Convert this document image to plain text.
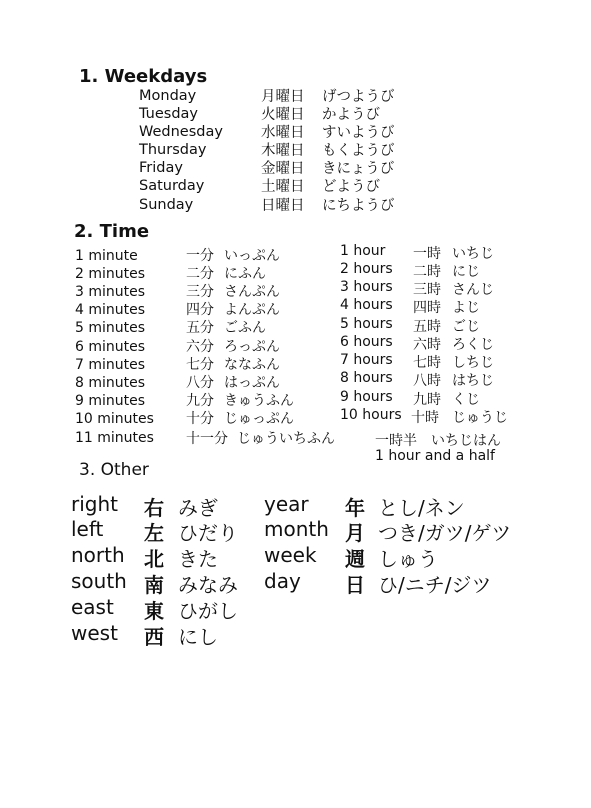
1. Weekdays
Monday
Tuesday
Wednesday
Thursday
Friday
Saturday
Sunday
月曜日
火曜日
水曜日
木曜日
金曜日
土曜日
日曜日
げつようび
かようび
すいようび
もくようび
きにょうび
どようび
にちようび
2. Time
1 minute
2 minutes
3 minutes
4 minutes
5 minutes
6 minutes
7 minutes
8 minutes
9 minutes
10 minutes
11 minutes
一分
二分
三分
四分
五分
六分
七分
八分
九分
十分
十一分
いっぷん
にふん
さんぷん
よんぷん
ごふん
ろっぷん
ななふん
はっぷん
きゅうふん
じゅっぷん
じゅういちふん
1 hour
2 hours
3 hours
4 hours
5 hours
6 hours
7 hours
8 hours
9 hours
10 hours
一時
二時
三時
四時
五時
六時
七時
八時
九時
十時
いちじ
にじ
さんじ
よじ
ごじ
ろくじ
しちじ
はちじ
くじ
じゅうじ
一時半　いちじはん
1 hour and a half
3. Other
right
left
north
south
east
west
右
左
北
南
東
西
みぎ
ひだり
きた
みなみ
ひがし
にし
year
month
week
day
年
月
週
日
とし/ネン
つき/ガツ/ゲツ
しゅう
ひ/ニチ/ジツ
